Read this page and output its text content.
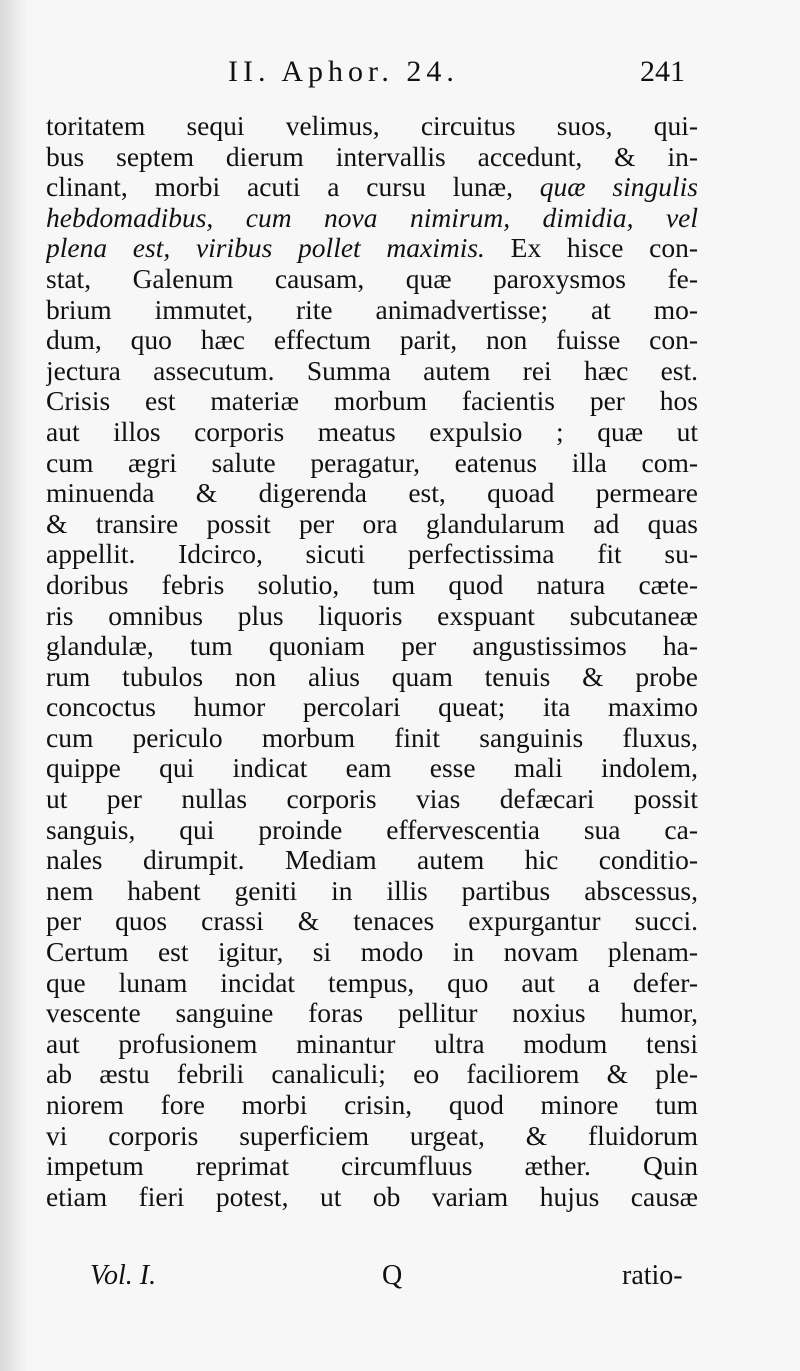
II. Aphor. 24.	241
toritatem sequi velimus, circuitus suos, qui-
bus septem dierum intervallis accedunt, & in-
clinant, morbi acuti a cursu lunæ, quæ singulis
hebdomadibus, cum nova nimirum, dimidia, vel
plena est, viribus pollet maximis. Ex hisce con-
stat, Galenum causam, quæ paroxysmos fe-
brium immutet, rite animadvertisse; at mo-
dum, quo hæc effectum parit, non fuisse con-
jectura assecutum. Summa autem rei hæc est.
Crisis est materiæ morbum facientis per hos
aut illos corporis meatus expulsio ; quæ ut
cum ægri salute peragatur, eatenus illa com-
minuenda & digerenda est, quoad permeare
& transire possit per ora glandularum ad quas
appellit. Idcirco, sicuti perfectissima fit su-
doribus febris solutio, tum quod natura cæte-
ris omnibus plus liquoris exspuant subcutaneæ
glandulæ, tum quoniam per angustissimos ha-
rum tubulos non alius quam tenuis & probe
concoctus humor percolari queat; ita maximo
cum periculo morbum finit sanguinis fluxus,
quippe qui indicat eam esse mali indolem,
ut per nullas corporis vias defæcari possit
sanguis, qui proinde effervescentia sua ca-
nales dirumpit. Mediam autem hic conditio-
nem habent geniti in illis partibus abscessus,
per quos crassi & tenaces expurgantur succi.
Certum est igitur, si modo in novam plenam-
que lunam incidat tempus, quo aut a defer-
vescente sanguine foras pellitur noxius humor,
aut profusionem minantur ultra modum tensi
ab æstu febrili canaliculi; eo faciliorem & ple-
niorem fore morbi crisin, quod minore tum
vi corporis superficiem urgeat, & fluidorum
impetum reprimat circumfluus æther. Quin
etiam fieri potest, ut ob variam hujus causæ
Vol. I.	Q	ratio-
